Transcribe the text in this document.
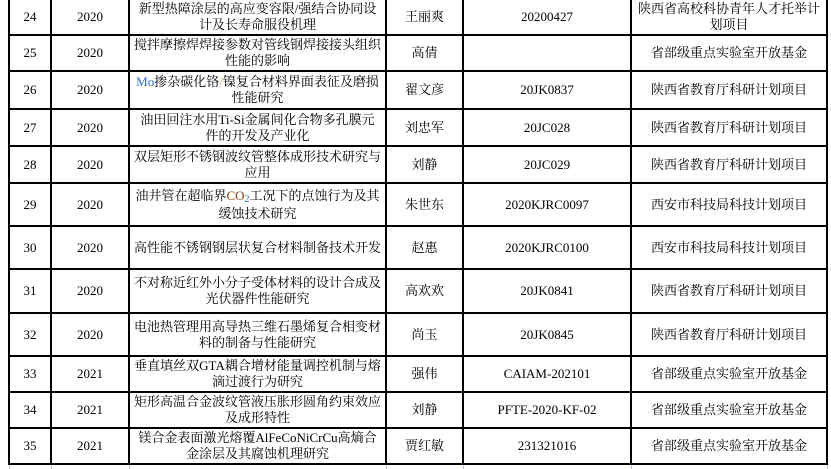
24	2020	新型热障涂层的高应变容限/强结合协同设计及长寿命服役机理	王丽爽	20200427	陕西省高校科协青年人才托举计划项目
25	2020	搅拌摩擦焊焊接参数对管线钢焊接接头组织性能的影响	高倩		省部级重点实验室开放基金
26	2020	Mo掺杂碳化铬/镍复合材料界面表征及磨损性能研究	翟文彦	20JK0837	陕西省教育厅科研计划项目
27	2020	油田回注水用Ti-Si金属间化合物多孔膜元件的开发及产业化	刘忠军	20JC028	陕西省教育厅科研计划项目
28	2020	双层矩形不锈钢波纹管整体成形技术研究与应用	刘静	20JC029	陕西省教育厅科研计划项目
29	2020	油井管在超临界CO2工况下的点蚀行为及其缓蚀技术研究	朱世东	2020KJRC0097	西安市科技局科技计划项目
30	2020	高性能不锈钢钢层状复合材料制备技术开发	赵惠	2020KJRC0100	西安市科技局科技计划项目
31	2020	不对称近红外小分子受体材料的设计合成及光伏器件性能研究	高欢欢	20JK0841	陕西省教育厅科研计划项目
32	2020	电池热管理用高导热三维石墨烯复合相变材料的制备与性能研究	尚玉	20JK0845	陕西省教育厅科研计划项目
33	2021	垂直填丝双GTA耦合增材能量调控机制与熔滴过渡行为研究	强伟	CAIAM-202101	省部级重点实验室开放基金
34	2021	矩形高温合金波纹管液压胀形圆角约束效应及成形特性	刘静	PFTE-2020-KF-02	省部级重点实验室开放基金
35	2021	镁合金表面激光熔覆AlFeCoNiCrCu高熵合金涂层及其腐蚀机理研究	贾红敏	231321016	省部级重点实验室开放基金
